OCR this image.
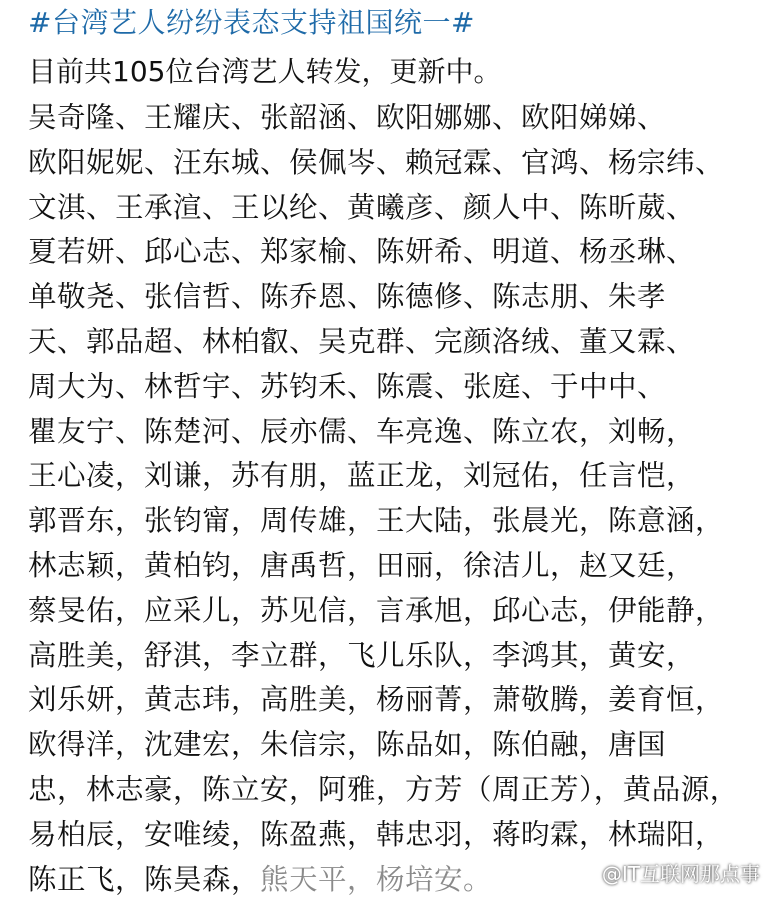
#台湾艺人纷纷表态支持祖国统一#
目前共105位台湾艺人转发，更新中。
吴奇隆、王耀庆、张韶涵、欧阳娜娜、欧阳娣娣、
欧阳妮妮、汪东城、侯佩岑、赖冠霖、官鸿、杨宗纬、
文淇、王承渲、王以纶、黄曦彦、颜人中、陈昕葳、
夏若妍、邱心志、郑家榆、陈妍希、明道、杨丞琳、
单敬尧、张信哲、陈乔恩、陈德修、陈志朋、朱孝
天、郭品超、林柏叡、吴克群、完颜洛绒、董又霖、
周大为、林哲宇、苏钧禾、陈震、张庭、于中中、
瞿友宁、陈楚河、辰亦儒、车亮逸、陈立农，刘畅，
王心凌，刘谦，苏有朋，蓝正龙，刘冠佑，任言恺，
郭晋东，张钧甯，周传雄，王大陆，张晨光，陈意涵，
林志颖，黄柏钧，唐禹哲，田丽，徐洁儿，赵又廷，
蔡旻佑，应采儿，苏见信，言承旭，邱心志，伊能静，
高胜美，舒淇，李立群，飞儿乐队，李鸿其，黄安，
刘乐妍，黄志玮，高胜美，杨丽菁，萧敬腾，姜育恒，
欧得洋，沈建宏，朱信宗，陈品如，陈伯融，唐国
忠，林志豪，陈立安，阿雅，方芳（周正芳），黄品源，
易柏辰，安唯绫，陈盈燕，韩忠羽，蒋昀霖，林瑞阳，
陈正飞，陈昊森，熊天平，杨培安。	@IT互联网那点事
